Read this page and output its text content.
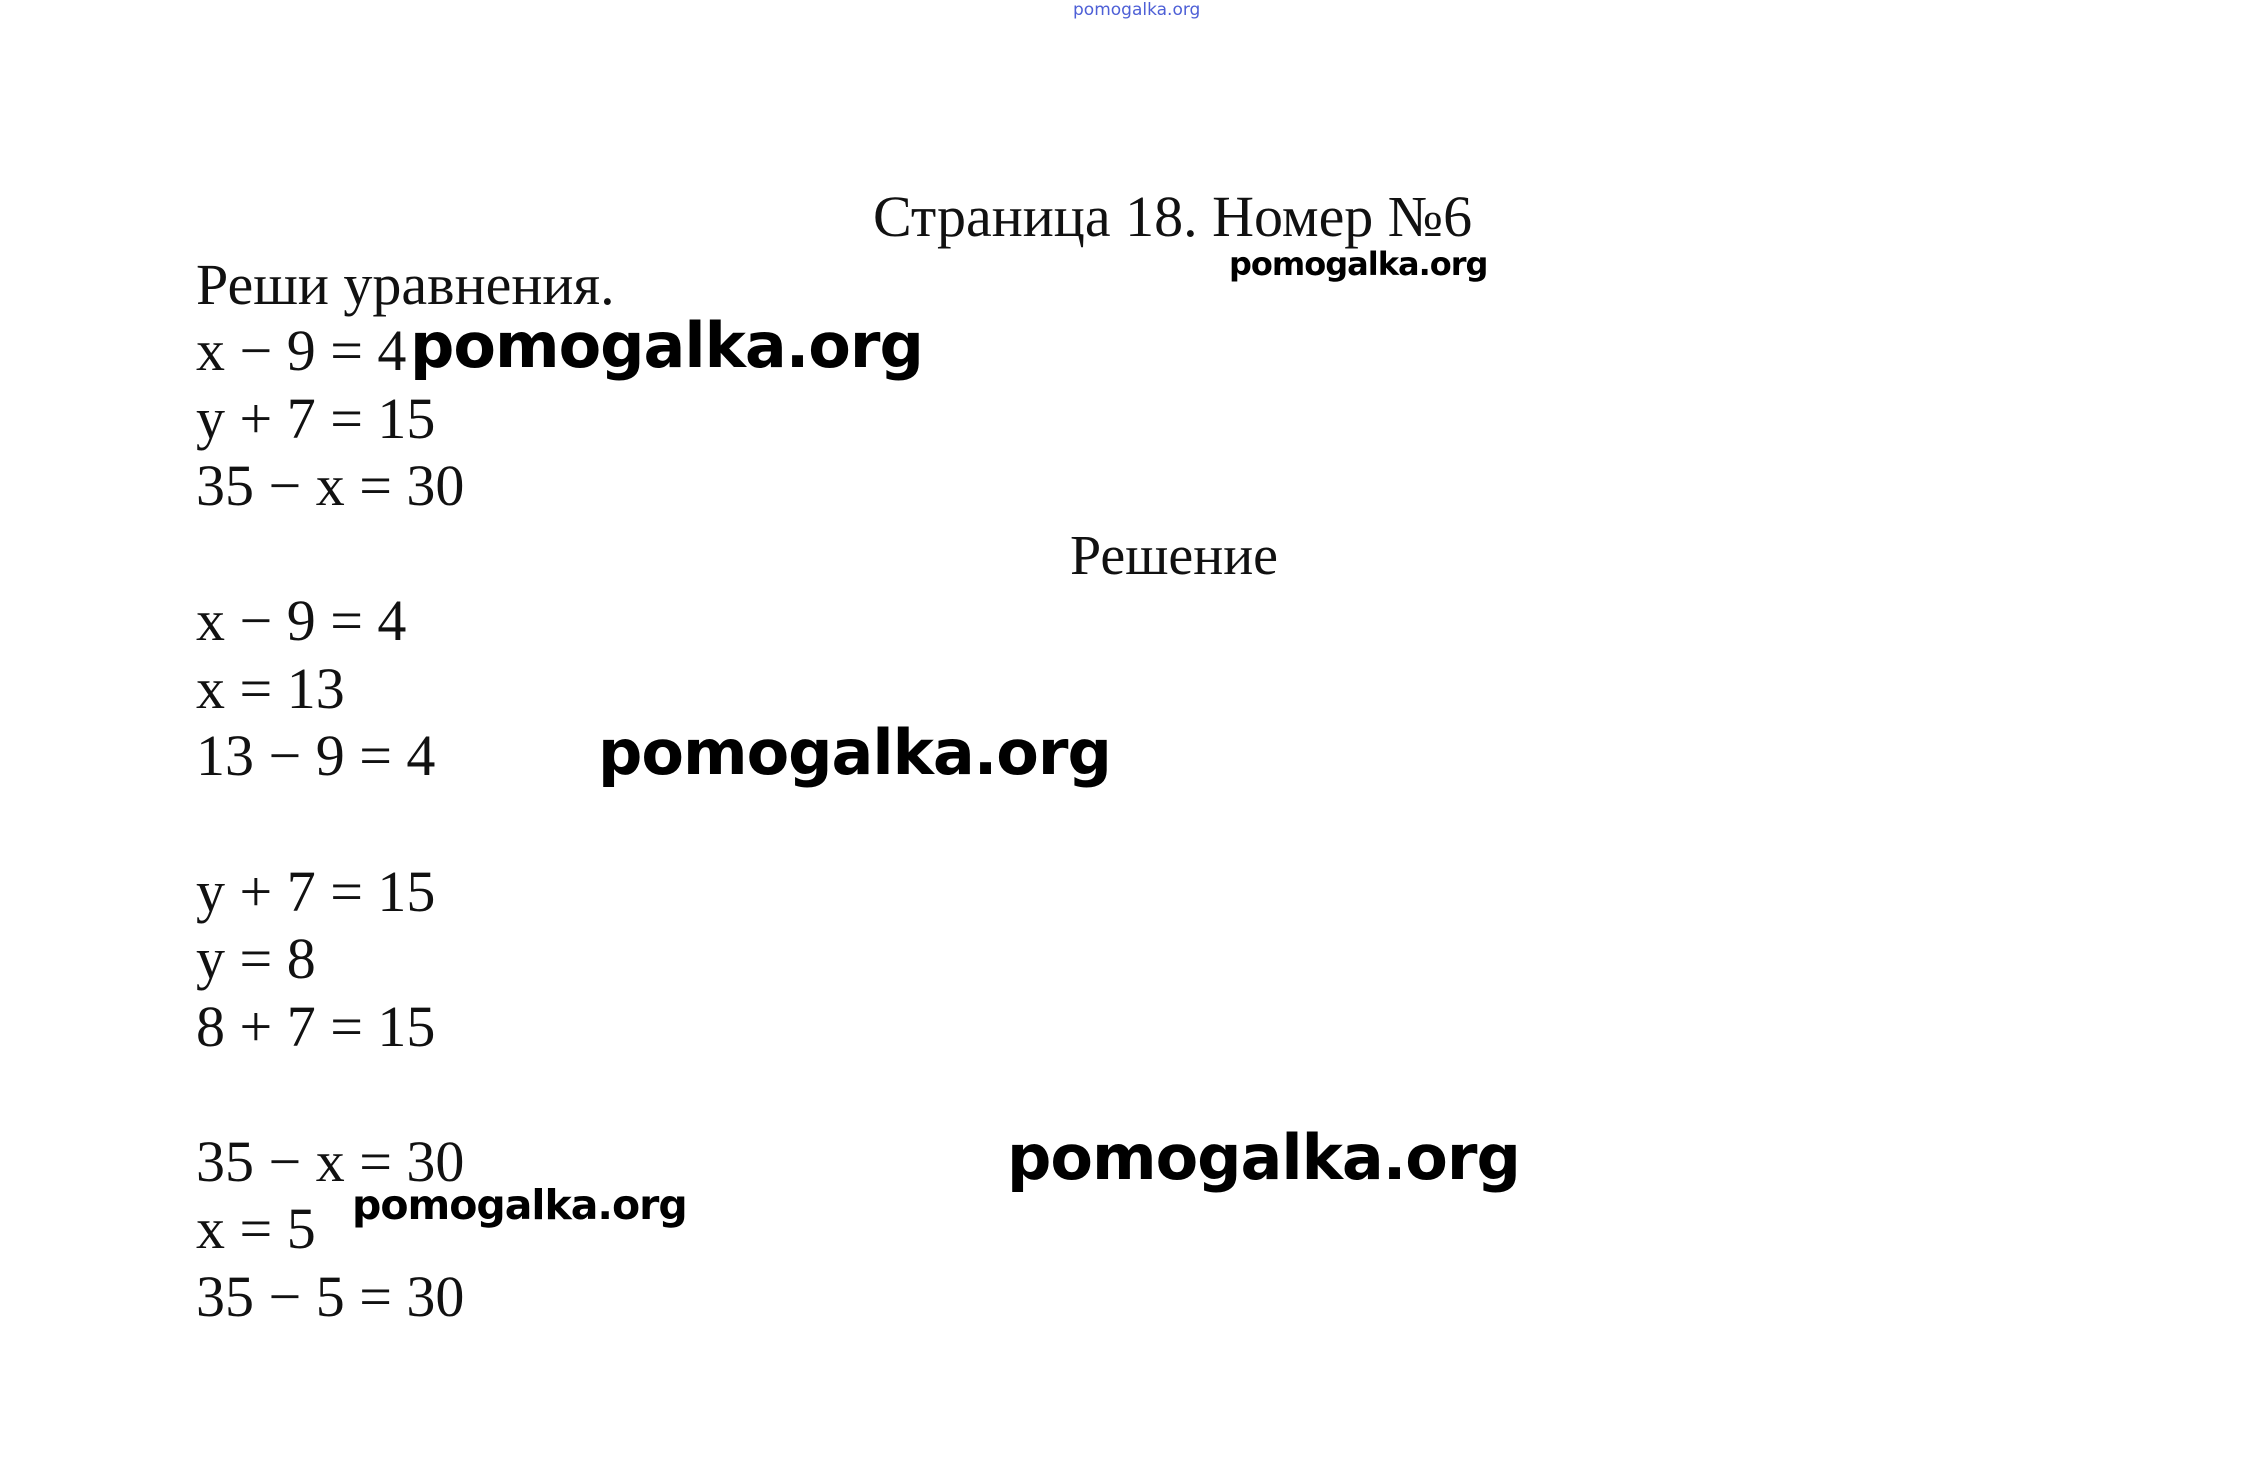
pomogalka.org
Страница 18. Номер №6
Реши уравнения.
x − 9 = 4
y + 7 = 15
35 − x = 30
Решение
x − 9 = 4
x = 13
13 − 9 = 4
y + 7 = 15
y = 8
8 + 7 = 15
35 − x = 30
x = 5
35 − 5 = 30
pomogalka.org
pomogalka.org
pomogalka.org
pomogalka.org
pomogalka.org
